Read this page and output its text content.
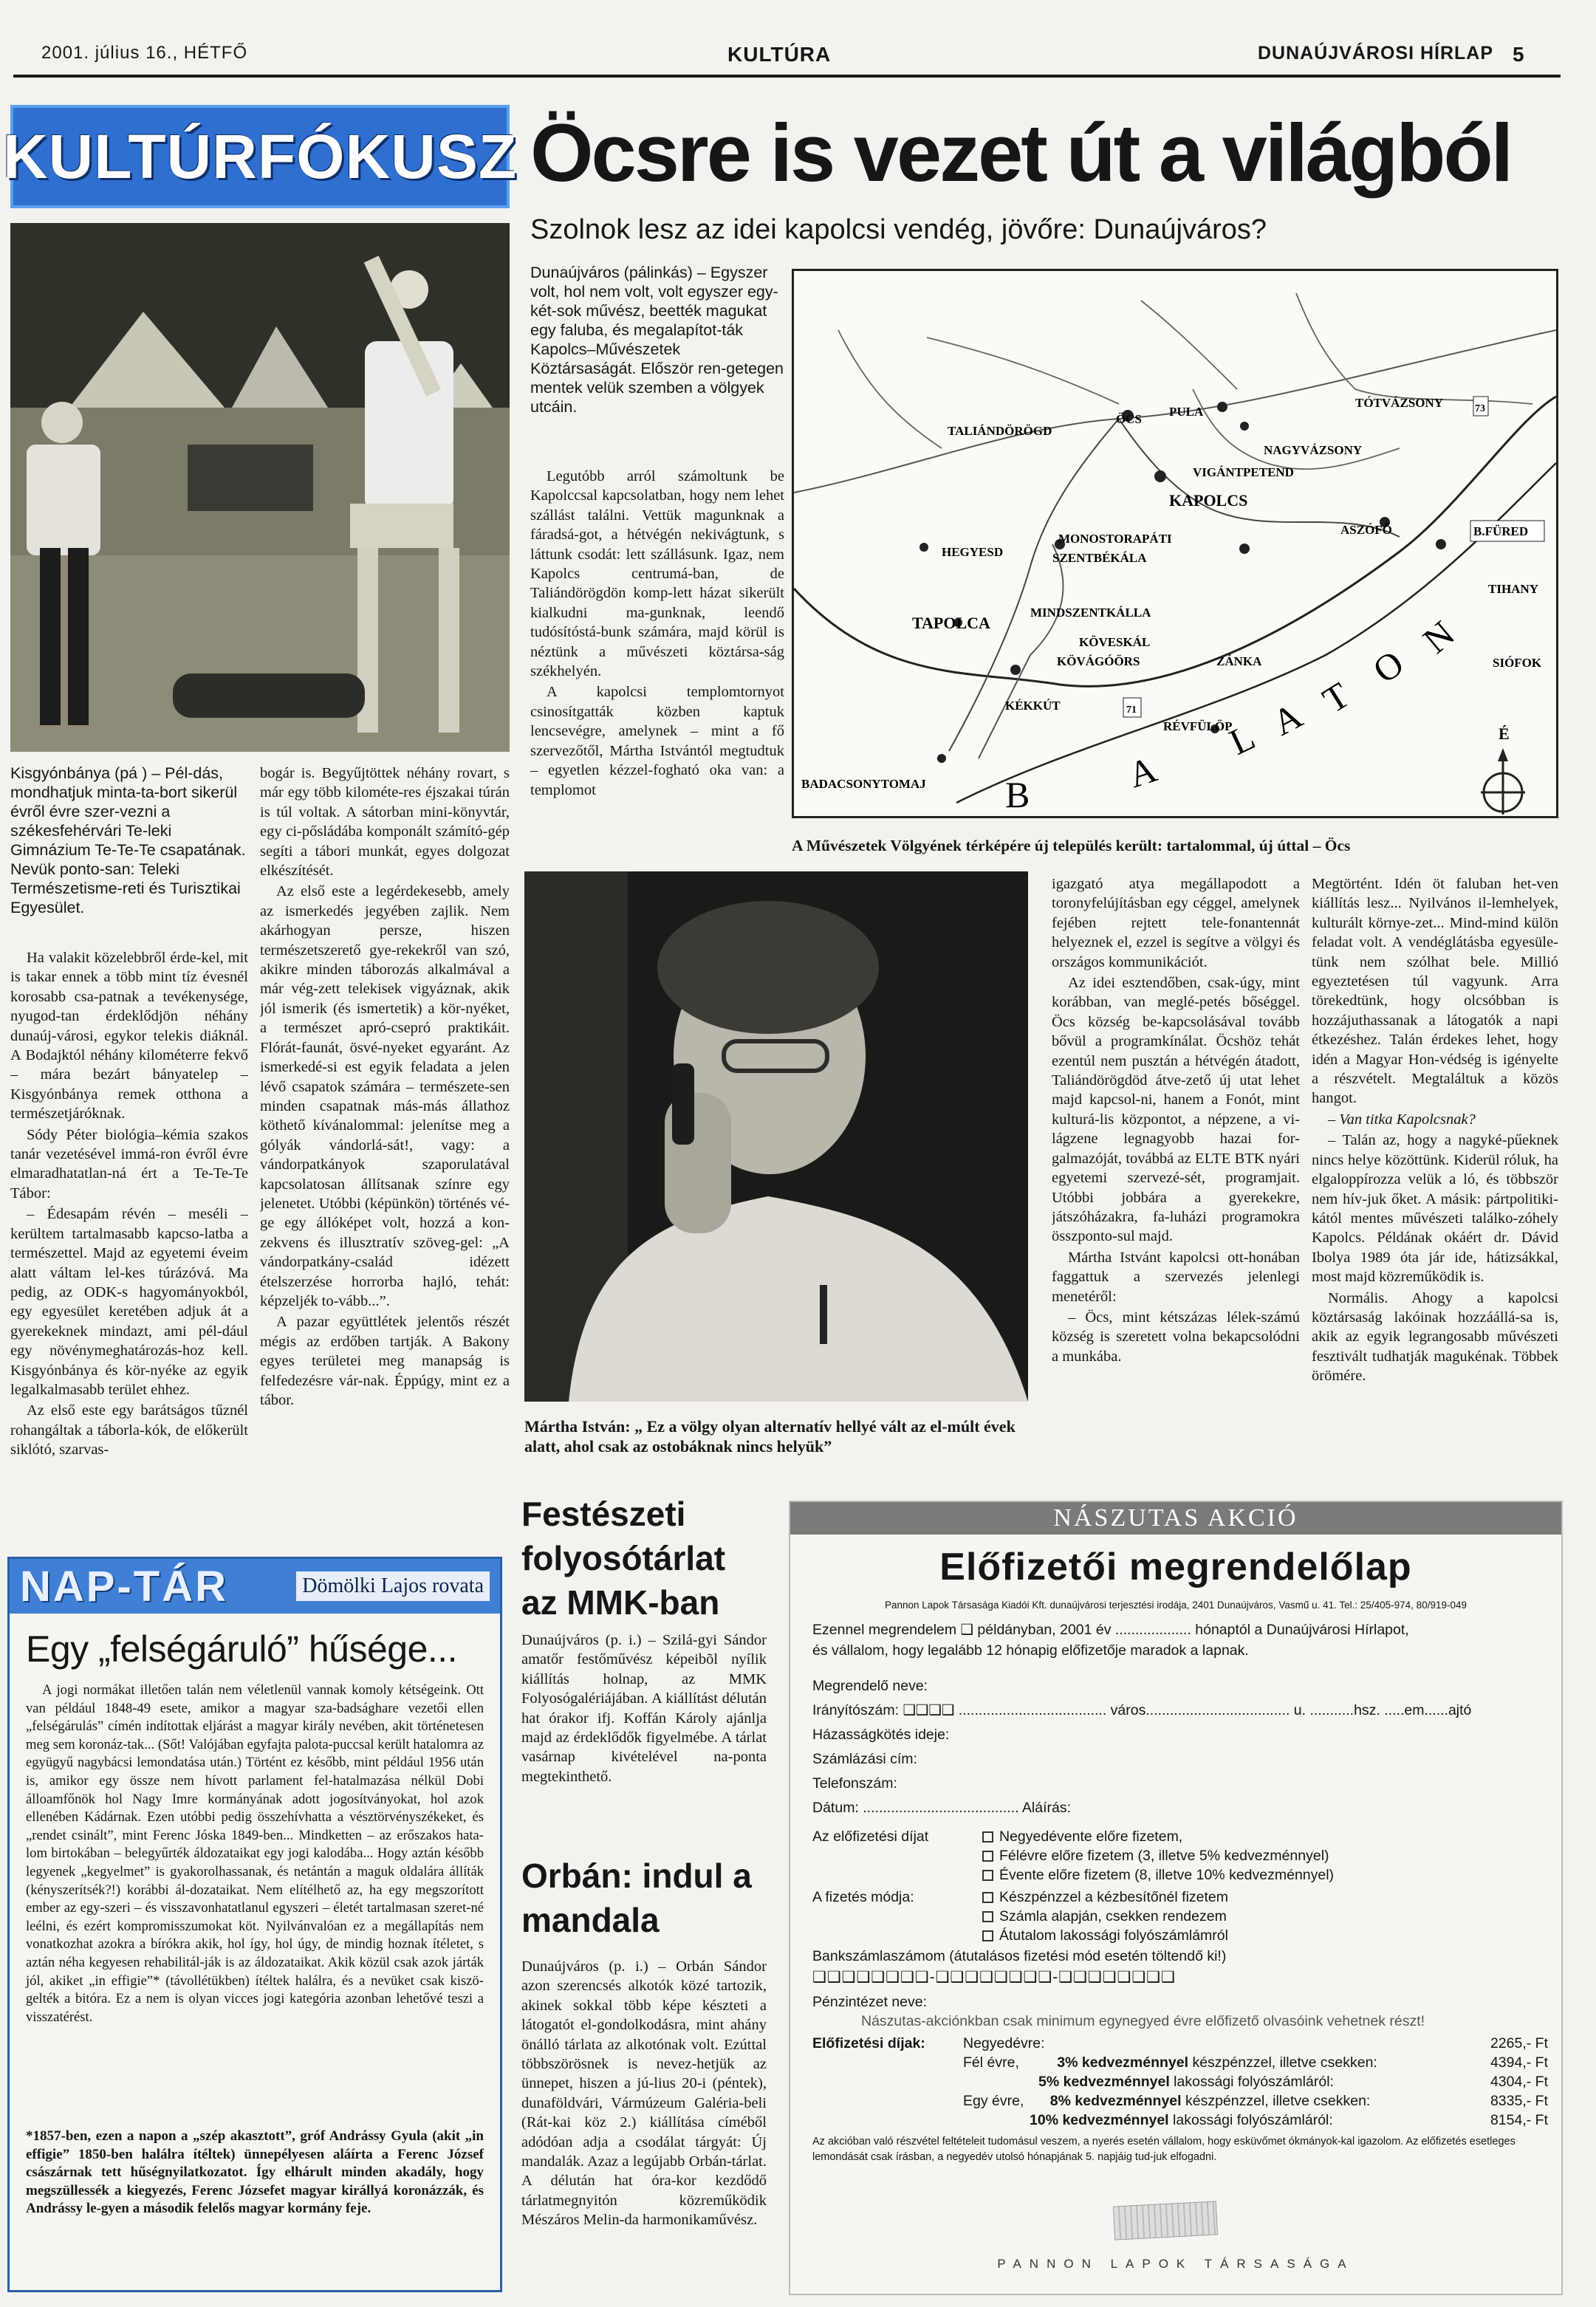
2001. július 16., HÉTFŐ	KULTÚRA	DUNAÚJVÁROSI HÍRLAP 5
KULTÚRFÓKUSZ
Kisgyónbánya (pá ) – Pél-dás, mondhatjuk minta-ta-bort sikerül évről évre szer-vezni a székesfehérvári Te-leki Gimnázium Te-Te-Te csapatának. Nevük ponto-san: Teleki Természetisme-reti és Turisztikai Egyesület.

Ha valakit közelebbről érde-kel, mit is takar ennek a több mint tíz évesnél korosabb csa-patnak a tevékenysége, nyugod-tan érdeklődjön néhány dunaúj-városi, egykor telekis diáknál. A Bodajktól néhány kilométerre fekvő – mára bezárt bányatelep – Kisgyónbánya remek otthona a természetjáróknak.

Sódy Péter biológia–kémia szakos tanár vezetésével immá-ron évről évre elmaradhatatlan-ná ért a Te-Te-Te Tábor:

– Édesapám révén – meséli – kerültem tartalmasabb kapcso-latba a természettel. Majd az egyetemi éveim alatt váltam lel-kes túrázóvá. Ma pedig, az ODK-s hagyományokból, egy egyesület keretében adjuk át a gyerekeknek mindazt, ami pél-dául egy növénymeghatározás-hoz kell. Kisgyónbánya és kör-nyéke az egyik legalkalmasabb terület ehhez.

Az első este egy barátságos tűznél rohangáltak a táborla-kók, de előkerült siklótó, szarvas-

bogár is. Begyűjtöttek néhány rovart, s már egy több kilométe-res éjszakai túrán is túl voltak. A sátorban mini-könyvtár, egy ci-pősládába komponált számító-gép segíti a tábori munkát, egyes dolgozat elkészítését.

Az első este a legérdekesebb, amely az ismerkedés jegyében zajlik. Nem akárhogyan persze, hiszen természetszerető gye-rekekről van szó, akikre minden táborozás alkalmával a már vég-zett telekisek vigyáznak, akik jól ismerik (és ismertetik) a kör-nyéket, a természet apró-csepró praktikáit. Flórát-faunát, ösvé-nyeket egyaránt. Az ismerkedé-si est egyik feladata a jelen lévő csapatok számára – természete-sen minden csapatnak más-más állathoz köthető kívánalommal: jelenítse meg a gólyák vándorlá-sát!, vagy: a vándorpatkányok szaporulatával kapcsolatosan állítsanak színre egy jelenetet. Utóbbi (képünkön) történés vé-ge egy állóképet volt, hozzá a kon-zekvens és illusztratív szöveg-gel: „A vándorpatkány-család idézett ételszerzése horrorba hajló, tehát: képzeljék to-vább...”.

A pazar együttlétek jelentős részét mégis az erdőben tartják. A Bakony egyes területei meg manapság is felfedezésre vár-nak. Éppúgy, mint ez a tábor.

NAP-TÁR	Dömölki Lajos rovata
Egy „felségáruló” hűsége...

A jogi normákat illetően talán nem véletlenül vannak komoly kétségeink. Ott van például 1848-49 esete, amikor a magyar sza-badsághare vezetői ellen „felségárulás” címén indítottak eljárást a magyar király nevében, akit történetesen meg sem koronáz-tak... (Sőt! Valójában egyfajta palota-puccsal került hatalomra az együgyű nagybácsi lemondatása után.) Történt ez később, mint például 1956 után is, amikor egy össze nem hívott parlament fel-hatalmazása nélkül Dobi álloamfőnök hol Nagy Imre kormányának adott jogosítványokat, hol azok ellenében Kádárnak. Ezen utóbbi pedig összehívhatta a vésztörvényszékeket, és „rendet csinált”, mint Ferenc Jóska 1849-ben... Mindketten – az erőszakos hata-lom birtokában – belegyűrték áldozataikat egy jogi kalodába... Hogy aztán később legyenek „kegyelmet” is gyakorolhassanak, és netántán a maguk oldalára állíták (kényszerítsék?!) korábbi ál-dozataikat. Nem elítélhető az, ha egy megszorított ember az egy-szeri – és visszavonhatatlanul egyszeri – életét tartalmasan szeret-né leélni, és ezért kompromisszumokat köt. Nyilvánvalóan ez a megállapítás nem vonatkozhat azokra a bírókra akik, hol így, hol úgy, de mindig hoznak ítéletet, s aztán néha kegyesen rehabilitál-ják is az áldozataikat. Akik közül csak azok járták jól, akiket „in effigie”* (távollétükben) ítéltek halálra, és a nevüket csak kiszö-gelték a bitóra. Ez a nem is olyan vicces jogi kategória azonban lehetővé teszi a visszatérést.

*1857-ben, ezen a napon a „szép akasztott”, gróf Andrássy Gyula (akit „in effigie” 1850-ben halálra ítéltek) ünnepélyesen aláírta a Ferenc József császárnak tett hűségnyilatkozatot. Így elhárult minden akadály, hogy megszüllessék a kiegyezés, Ferenc Józsefet magyar királlyá koronázzák, és Andrássy le-gyen a második felelős magyar kormány feje.
Öcsre is vezet út a világból
Szolnok lesz az idei kapolcsi vendég, jövőre: Dunaújváros?
Dunaújváros (pálinkás) – Egyszer volt, hol nem volt, volt egyszer egy-két-sok művész, beették magukat egy faluba, és megalapítot-ták Kapolcs–Művészetek Köztársaságát. Először ren-getegen mentek velük szemben a völgyek utcáin.

Legutóbb arról számoltunk be Kapolccsal kapcsolatban, hogy nem lehet szállást találni. Vettük magunknak a fáradsá-got, a hétvégén nekivágtunk, s láttunk csodát: lett szállásunk. Igaz, nem Kapolcs centrumá-ban, de Taliándörögdön komp-lett házat sikerült kialkudni ma-gunknak, leendő tudósítóstá-bunk számára, majd körül is néztünk a művészeti köztársa-ság székhelyén.

A kapolcsi templomtornyot csinosítgatták közben kaptuk lencsevégre, amelynek – mint a fő szervezőtől, Mártha Istvántól megtudtuk – egyetlen kézzel-fogható oka van: a templomot

TALIÁNDÖRÖGD
ÖCS
PULA
TÓTVÁZSONY	73
NAGYVÁZSONY
VIGÁNTPETEND
KAPOLCS
ASZÓFŐ	B.FÜRED
HEGYESD
MONOSTORAPÁTI
SZENTBÉKÁLA
TIHANY
TAPOLCA
MINDSZENTKÁLLA
KÖVESKÁL
KÖVÁGÓÖRS	ZÁNKA	SIÓFOK
KÉKKÚT	71
RÉVFÜLÖP
BADACSONYTOMAJ B	A
L A T
O
N
É
A Művészetek Völgyének térképére új település került: tartalommal, új úttal – Öcs
Mártha István: „ Ez a völgy olyan alternatív hellyé vált az el-múlt évek alatt, ahol csak az ostobáknak nincs helyük”

igazgató atya megállapodott a toronyfelújításban egy céggel, amelynek fejében rejtett tele-fonantennát helyeznek el, ezzel is segítve a völgyi és országos kommunikációt.

Az idei esztendőben, csak-úgy, mint korábban, van meglé-petés bőséggel. Öcs község be-kapcsolásával tovább bővül a programkínálat. Öcshöz tehát ezentúl nem pusztán a hétvégén átadott, Taliándörögdöd átve-zető új utat lehet majd kapcsol-ni, hanem a Fonót, mint kulturá-lis központot, a népzene, a vi-lágzene legnagyobb hazai for-galmazóját, továbbá az ELTE BTK nyári egyetemi szervezé-sét, programjait. Utóbbi jobbára a gyerekekre, játszóházakra, fa-luházi programokra összponto-sul majd.

Mártha Istvánt kapolcsi ott-honában faggattuk a szervezés jelenlegi menetéről:

– Öcs, mint kétszázas lélek-számú község is szeretett volna bekapcsolódni a munkába.

Megtörtént. Idén öt faluban het-ven kiállítás lesz... Nyilvános il-lemhelyek, kulturált környe-zet... Mind-mind külön feladat volt. A vendéglátásba egyesüle-tünk nem szólhat bele. Millió egyeztetésen túl vagyunk. Arra törekedtünk, hogy olcsóbban is hozzájuthassanak a látogatók a napi étkezéshez. Talán érdekes lehet, hogy idén a Magyar Hon-védség is igényelte a részvételt. Megtaláltuk a közös hangot.

– Van titka Kapolcsnak?

– Talán az, hogy a nagyké-pűeknek nincs helye közöttünk. Kiderül róluk, ha elgaloppírozza velük a ló, és többször nem hív-juk őket. A másik: pártpolitiki-kától mentes művészeti találko-zóhely Kapolcs. Példának okáért dr. Dávid Ibolya 1989 óta jár ide, hátizsákkal, most majd közreműködik is.

Normális. Ahogy a kapolcsi köztársaság lakóinak hozzáállá-sa is, akik az egyik legrangosabb művészeti fesztivált tudhatják magukénak. Többek örömére.

Festészeti folyosótárlat az MMK-ban
Dunaújváros (p. i.) – Szilá-gyi Sándor amatőr festőművész képeibõl nyílik kiállítás holnap, az MMK Folyosógalériájában. A kiállítást délután hat órakor ifj. Koffán Károly ajánlja majd az érdeklődők figyelmébe. A tárlat vasárnap kivételével na-ponta megtekinthető.
Orbán: indul a mandala
Dunaújváros (p. i.) – Orbán Sándor azon szerencsés alkotók közé tartozik, akinek sokkal több képe készteti a látogatót el-gondolkodásra, mint ahány önálló tárlata az alkotónak volt. Ezúttal többszörösnek is nevez-hetjük az ünnepet, hiszen a jú-lius 20-i (péntek), dunaföldvári, Vármúzeum Galéria-beli (Rát-kai köz 2.) kiállítása címéből adódóan adja a csodálat tárgyát: Új mandalák. Azaz a legújabb Orbán-tárlat. A délután hat óra-kor kezdődő tárlatmegnyitón közreműködik Mészáros Melin-da harmonikaművész.
NÁSZUTAS AKCIÓ
Előfizetői megrendelőlap
Pannon Lapok Társasága Kiadói Kft. dunaújvárosi terjesztési irodája, 2401 Dunaújváros, Vasmű u. 41. Tel.: 25/405-974, 80/919-049
Ezennel megrendelem ❑ példányban, 2001 év ................... hónaptól a Dunaújvárosi Hírlapot,
és vállalom, hogy legalább 12 hónapig előfizetője maradok a lapnak.
Megrendelő neve:
Irányítószám: ❑❑❑❑ ..................................... város.................................... u. ...........hsz. .....em......ajtó
Házasságkötés ideje:
Számlázási cím:
Telefonszám:
Dátum: ....................................... Aláírás:
Az előfizetési díjat	Negyedévente előre fizetem,
Félévre előre fizetem (3, illetve 5% kedvezménnyel)
Évente előre fizetem (8, illetve 10% kedvezménnyel)
A fizetés módja:	Készpénzzel a kézbesítőnél fizetem
Számla alapján, csekken rendezem
Átutalom lakossági folyószámlámról
Bankszámlaszámom (átutalásos fizetési mód esetén töltendő ki!)
❑❑❑❑❑❑❑❑-❑❑❑❑❑❑❑❑-❑❑❑❑❑❑❑❑
Pénzintézet neve:
Nászutas-akciónkban csak minimum egynegyed évre előfizető olvasóink vehetnek részt!
Előfizetési díjak:	Negyedévre:	2265,- Ft
Fél évre,	3% kedvezménnyel készpénzzel, illetve csekken:	4394,- Ft
5% kedvezménnyel lakossági folyószámláról:	4304,- Ft
Egy évre, 8% kedvezménnyel készpénzzel, illetve csekken:	8335,- Ft
10% kedvezménnyel lakossági folyószámláról:	8154,- Ft
Az akcióban való részvétel feltételeit tudomásul veszem, a nyerés esetén vállalom, hogy esküvőmet ókmányok-kal igazolom. Az előfizetés esetleges lemondását csak írásban, a negyedév utolsó hónapjának 5. napjáig tud-juk elfogadni.
PANNON LAPOK TÁRSASÁGA
